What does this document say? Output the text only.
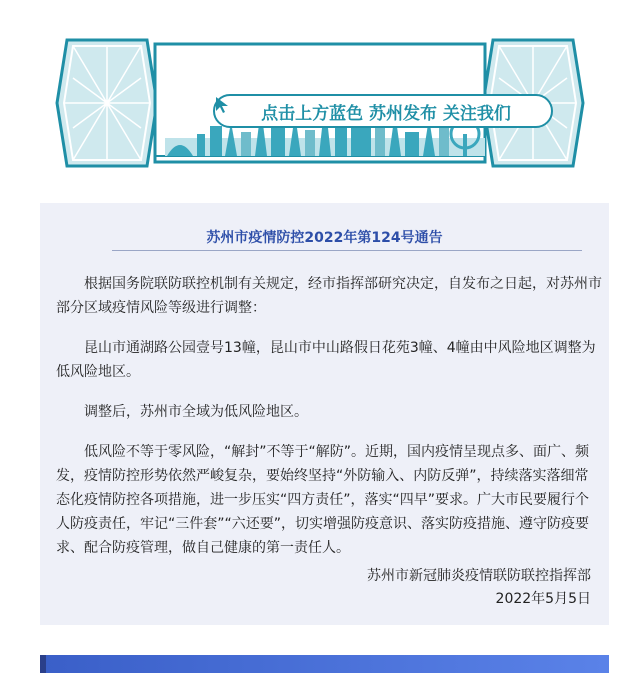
点击上方蓝色 苏州发布 关注我们
苏州市疫情防控2022年第124号通告

根据国务院联防联控机制有关规定，经市指挥部研究决定，自发布之日起，对苏州市部分区域疫情风险等级进行调整：

昆山市通湖路公园壹号13幢，昆山市中山路假日花苑3幢、4幢由中风险地区调整为低风险地区。

调整后，苏州市全域为低风险地区。

低风险不等于零风险，“解封”不等于“解防”。近期，国内疫情呈现点多、面广、频发，疫情防控形势依然严峻复杂，要始终坚持“外防输入、内防反弹”，持续落实落细常态化疫情防控各项措施，进一步压实“四方责任”，落实“四早”要求。广大市民要履行个人防疫责任，牢记“三件套”“六还要”，切实增强防疫意识、落实防疫措施、遵守防疫要求、配合防疫管理，做自己健康的第一责任人。

苏州市新冠肺炎疫情联防联控指挥部
2022年5月5日
